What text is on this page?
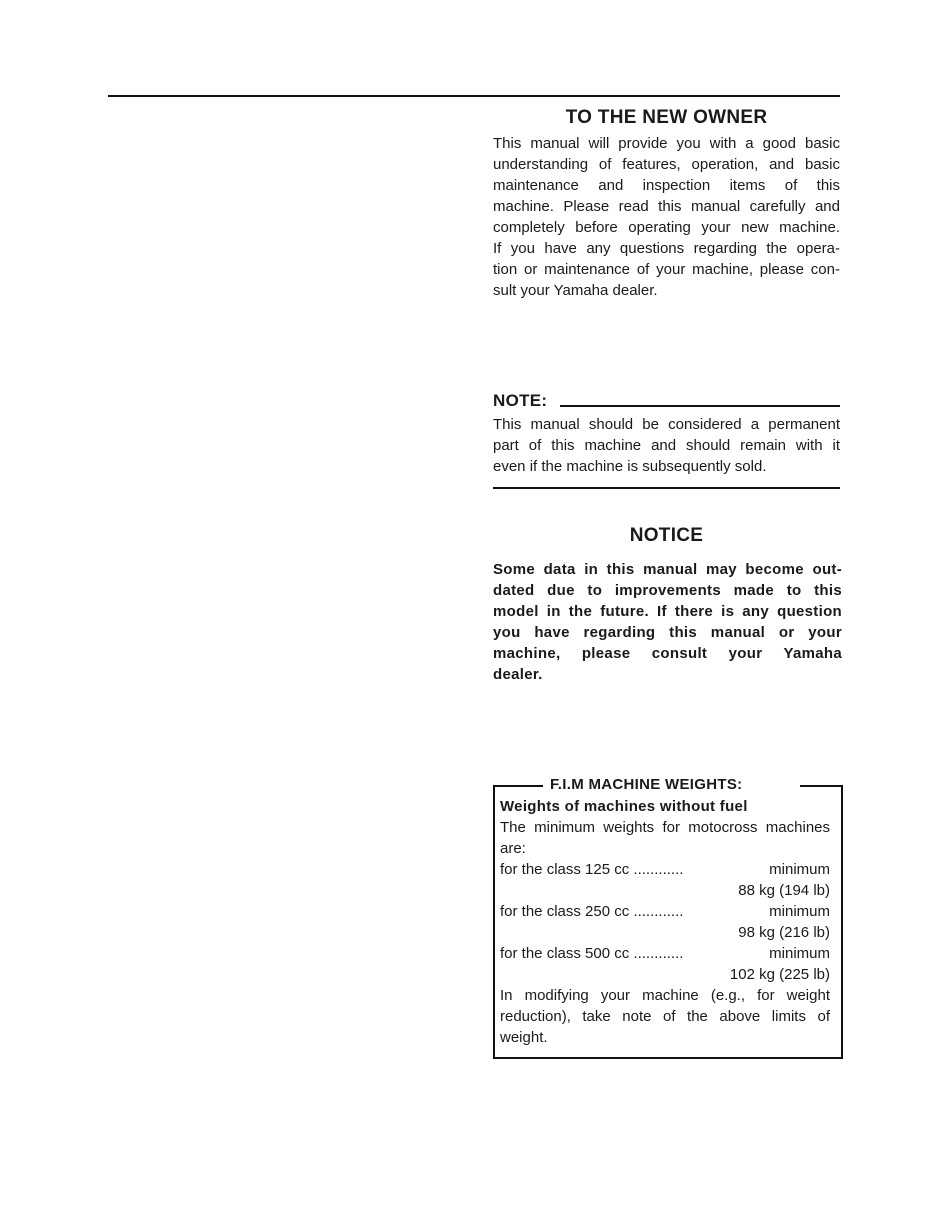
TO THE NEW OWNER
This manual will provide you with a good basic
understanding of features, operation, and basic
maintenance and inspection items of this
machine. Please read this manual carefully and
completely before operating your new machine.
If you have any questions regarding the opera-
tion or maintenance of your machine, please con-
sult your Yamaha dealer.
NOTE:
This manual should be considered a permanent
part of this machine and should remain with it
even if the machine is subsequently sold.
NOTICE
Some data in this manual may become out-
dated due to improvements made to this
model in the future. If there is any question
you have regarding this manual or your
machine, please consult your Yamaha
dealer.
F.I.M MACHINE WEIGHTS:
Weights of machines without fuel
The minimum weights for motocross machines
are:
for the class 125 cc ............	minimum
88 kg (194 lb)
for the class 250 cc ............	minimum
98 kg (216 lb)
for the class 500 cc ............	minimum
102 kg (225 lb)
In modifying your machine (e.g., for weight
reduction), take note of the above limits of
weight.
